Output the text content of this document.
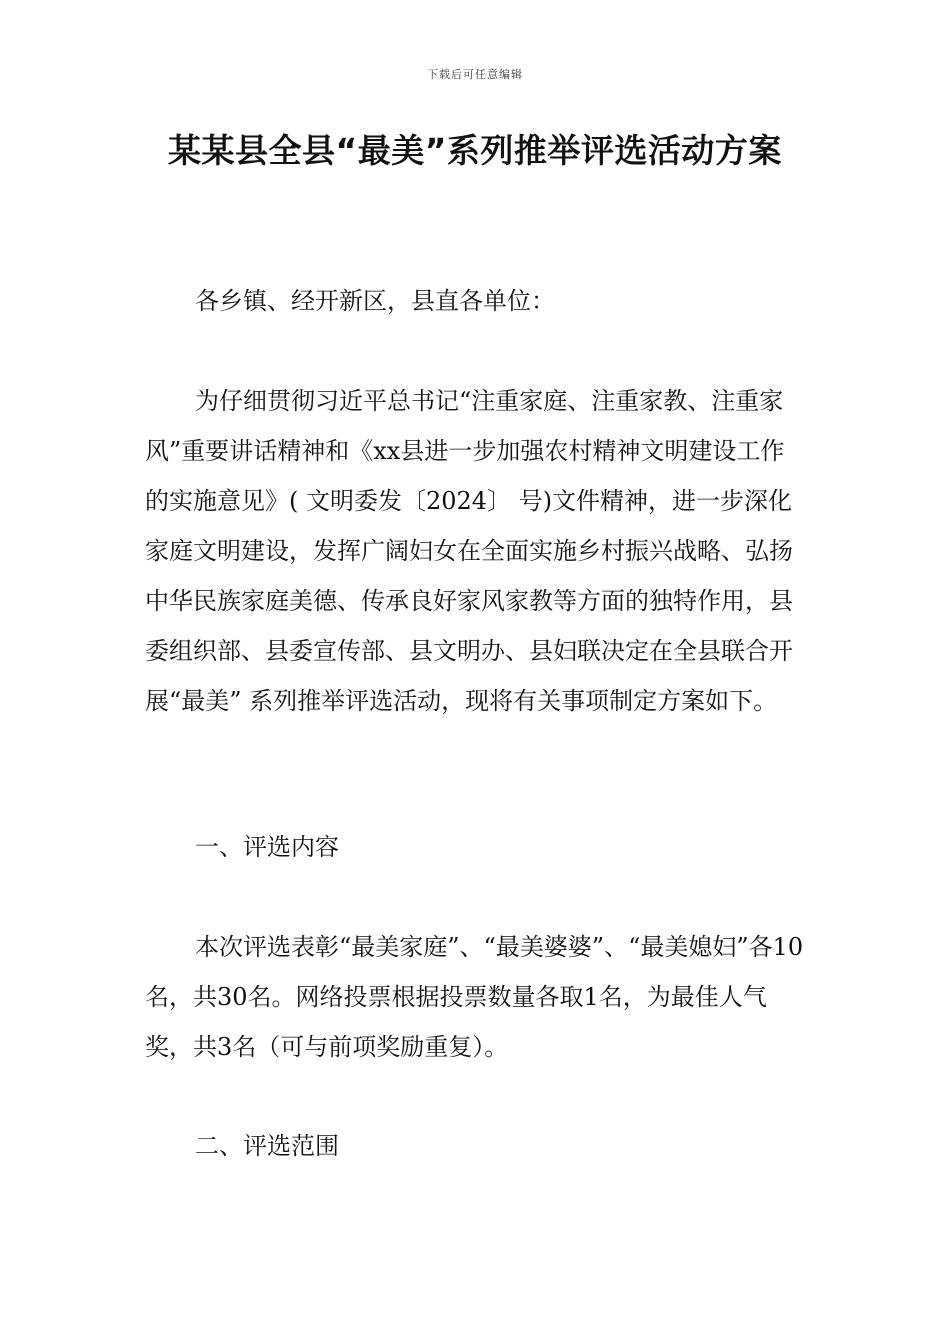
下载后可任意编辑
某某县全县“最美”系列推举评选活动方案

各乡镇、经开新区，县直各单位：

为仔细贯彻习近平总书记“注重家庭、注重家教、注重家风”重要讲话精神和《xx县进一步加强农村精神文明建设工作的实施意见》( 文明委发〔2024〕 号)文件精神，进一步深化家庭文明建设，发挥广阔妇女在全面实施乡村振兴战略、弘扬中华民族家庭美德、传承良好家风家教等方面的独特作用，县委组织部、县委宣传部、县文明办、县妇联决定在全县联合开展“最美” 系列推举评选活动，现将有关事项制定方案如下。

一、评选内容

本次评选表彰“最美家庭”、“最美婆婆”、“最美媳妇”各10名，共30名。网络投票根据投票数量各取1名，为最佳人气奖，共3名（可与前项奖励重复）。

二、评选范围
